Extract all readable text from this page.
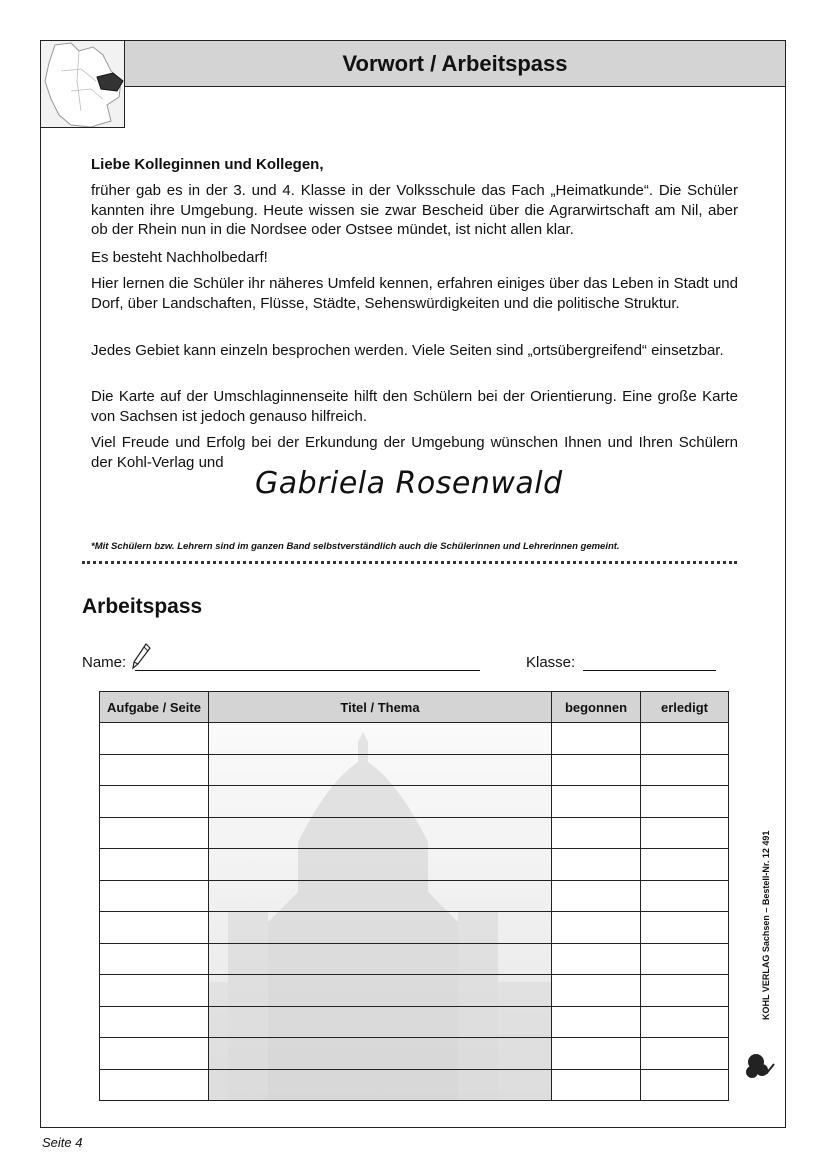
Vorwort / Arbeitspass
Liebe Kolleginnen und Kollegen,
früher gab es in der 3. und 4. Klasse in der Volksschule das Fach „Heimatkunde“. Die Schüler kannten ihre Umgebung. Heute wissen sie zwar Bescheid über die Agrarwirtschaft am Nil, aber ob der Rhein nun in die Nordsee oder Ostsee mündet, ist nicht allen klar.
Es besteht Nachholbedarf!
Hier lernen die Schüler ihr näheres Umfeld kennen, erfahren einiges über das Leben in Stadt und Dorf, über Landschaften, Flüsse, Städte, Sehenswürdigkeiten und die politische Struktur.
Jedes Gebiet kann einzeln besprochen werden. Viele Seiten sind „ortsübergreifend“ einsetzbar.
Die Karte auf der Umschlaginnenseite hilft den Schülern bei der Orientierung. Eine große Karte von Sachsen ist jedoch genauso hilfreich.
Viel Freude und Erfolg bei der Erkundung der Umgebung wünschen Ihnen und Ihren Schülern der Kohl-Verlag und
Gabriela Rosenwald
*Mit Schülern bzw. Lehrern sind im ganzen Band selbstverständlich auch die Schülerinnen und Lehrerinnen gemeint.
Arbeitspass
Name:	Klasse:
Aufgabe / Seite	Titel / Thema	begonnen	erledigt

KOHL VERLAG Sachsen – Bestell-Nr. 12 491
Seite 4
